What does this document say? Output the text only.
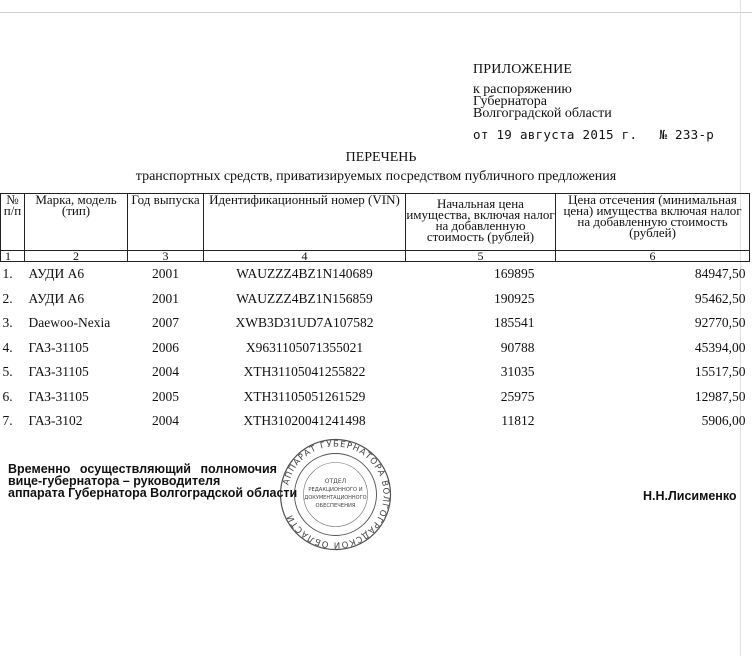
ПРИЛОЖЕНИЕ
к распоряжению
Губернатора
Волгоградской области
от 19 августа 2015 г. № 233-р
ПЕРЕЧЕНЬ
транспортных средств, приватизируемых посредством публичного предложения
№ п/п	Марка, модель (тип)	Год выпуска	Идентификационный номер (VIN)	Начальная цена имущества, включая налог на добавленную стоимость (рублей)	Цена отсечения (минимальная цена) имущества включая налог на добавленную стоимость (рублей)
1	2	3	4	5	6
1.	АУДИ А6	2001	WAUZZZ4BZ1N140689	169895	84947,50
2.	АУДИ А6	2001	WAUZZZ4BZ1N156859	190925	95462,50
3.	Daewoo-Nexia	2007	XWB3D31UD7A107582	185541	92770,50
4.	ГАЗ-31105	2006	X9631105071355021	90788	45394,00
5.	ГАЗ-31105	2004	XTH31105041255822	31035	15517,50
6.	ГАЗ-31105	2005	XTH31105051261529	25975	12987,50
7.	ГАЗ-3102	2004	XTH31020041241498	11812	5906,00
Временно осуществляющий полномочия
вице-губернатора – руководителя
аппарата Губернатора Волгоградской области	Н.Н.Лисименко
АППАРАТ ГУБЕРНАТОРА ВОЛГОГРАДСКОЙ ОБЛАСТИ
ОТДЕЛ
РЕДАКЦИОННОГО И
ДОКУМЕНТАЦИОННОГО
ОБЕСПЕЧЕНИЯ
